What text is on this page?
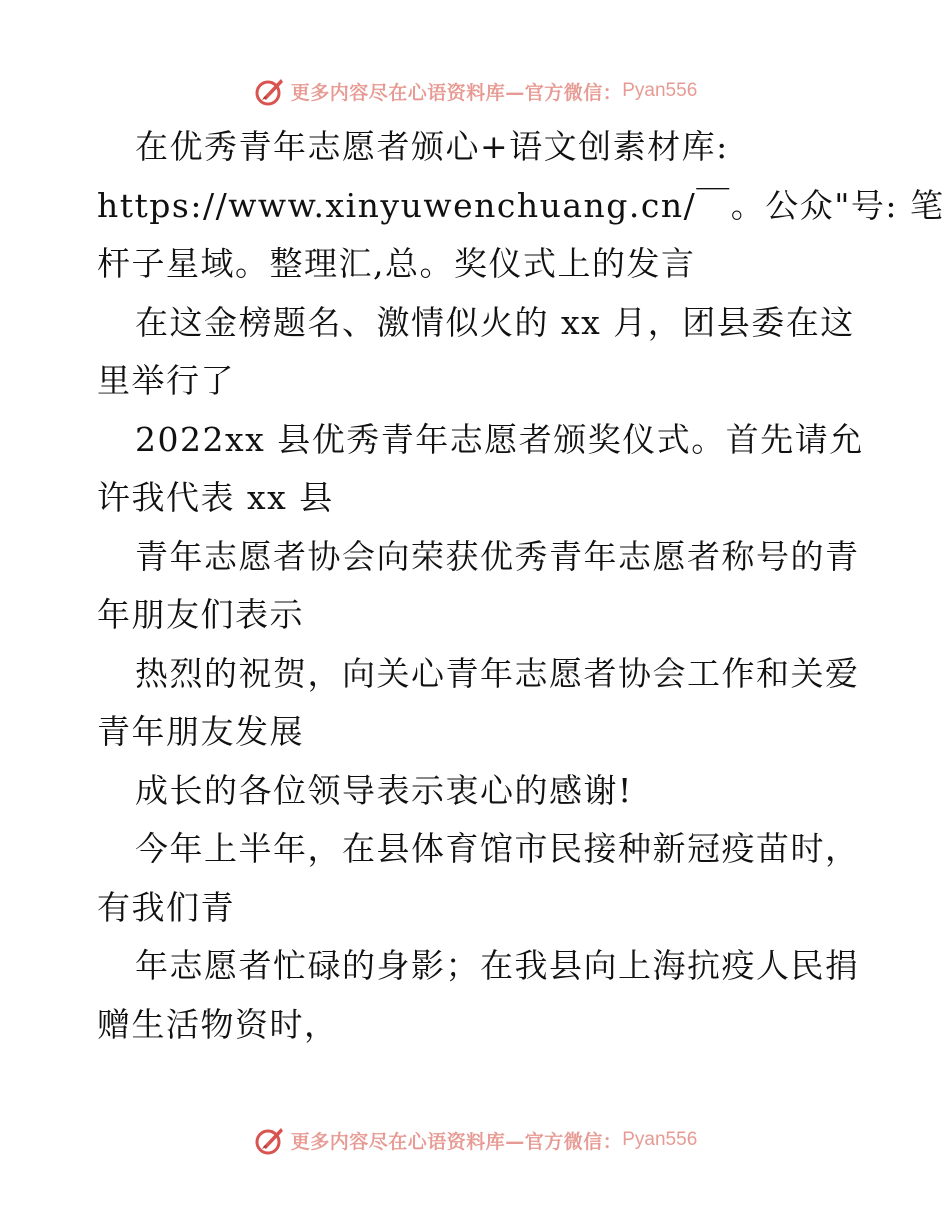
更多内容尽在心语资料库—官方微信： Pyan556
在优秀青年志愿者颁心+语文创素材库:
https://www.xinyuwenchuang.cn/￣。公众"号: 笔
杆子星域。整理汇,总。奖仪式上的发言
在这金榜题名、激情似火的 xx 月，团县委在这
里举行了
2022xx 县优秀青年志愿者颁奖仪式。首先请允
许我代表 xx 县
青年志愿者协会向荣获优秀青年志愿者称号的青
年朋友们表示
热烈的祝贺，向关心青年志愿者协会工作和关爱
青年朋友发展
成长的各位领导表示衷心的感谢!
今年上半年，在县体育馆市民接种新冠疫苗时，
有我们青
年志愿者忙碌的身影；在我县向上海抗疫人民捐
赠生活物资时，
更多内容尽在心语资料库—官方微信： Pyan556
